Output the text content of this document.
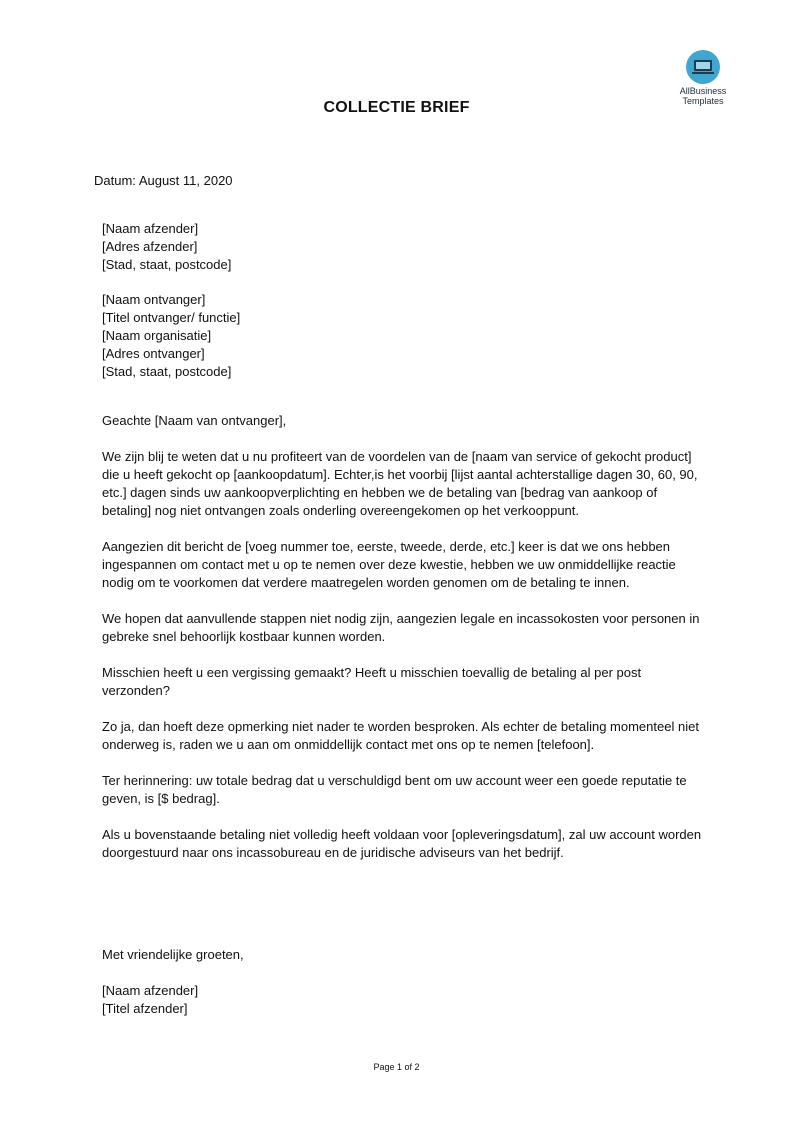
AllBusiness
Templates
COLLECTIE BRIEF
Datum: August 11, 2020
[Naam afzender]
[Adres afzender]
[Stad, staat, postcode]
[Naam ontvanger]
[Titel ontvanger/ functie]
[Naam organisatie]
[Adres ontvanger]
[Stad, staat, postcode]

Geachte [Naam van ontvanger],

We zijn blij te weten dat u nu profiteert van de voordelen van de [naam van service of gekocht product] die u heeft gekocht op [aankoopdatum]. Echter,is het voorbij [lijst aantal achterstallige dagen 30, 60, 90, etc.] dagen sinds uw aankoopverplichting en hebben we de betaling van [bedrag van aankoop of betaling] nog niet ontvangen zoals onderling overeengekomen op het verkooppunt.

Aangezien dit bericht de [voeg nummer toe, eerste, tweede, derde, etc.] keer is dat we ons hebben ingespannen om contact met u op te nemen over deze kwestie, hebben we uw onmiddellijke reactie nodig om te voorkomen dat verdere maatregelen worden genomen om de betaling te innen.

We hopen dat aanvullende stappen niet nodig zijn, aangezien legale en incassokosten voor personen in gebreke snel behoorlijk kostbaar kunnen worden.

Misschien heeft u een vergissing gemaakt? Heeft u misschien toevallig de betaling al per post verzonden?

Zo ja, dan hoeft deze opmerking niet nader te worden besproken. Als echter de betaling momenteel niet onderweg is, raden we u aan om onmiddellijk contact met ons op te nemen [telefoon].

Ter herinnering: uw totale bedrag dat u verschuldigd bent om uw account weer een goede reputatie te geven, is [$ bedrag].

Als u bovenstaande betaling niet volledig heeft voldaan voor [opleveringsdatum], zal uw account worden doorgestuurd naar ons incassobureau en de juridische adviseurs van het bedrijf.

Met vriendelijke groeten,

[Naam afzender]
[Titel afzender]
Page 1 of 2
